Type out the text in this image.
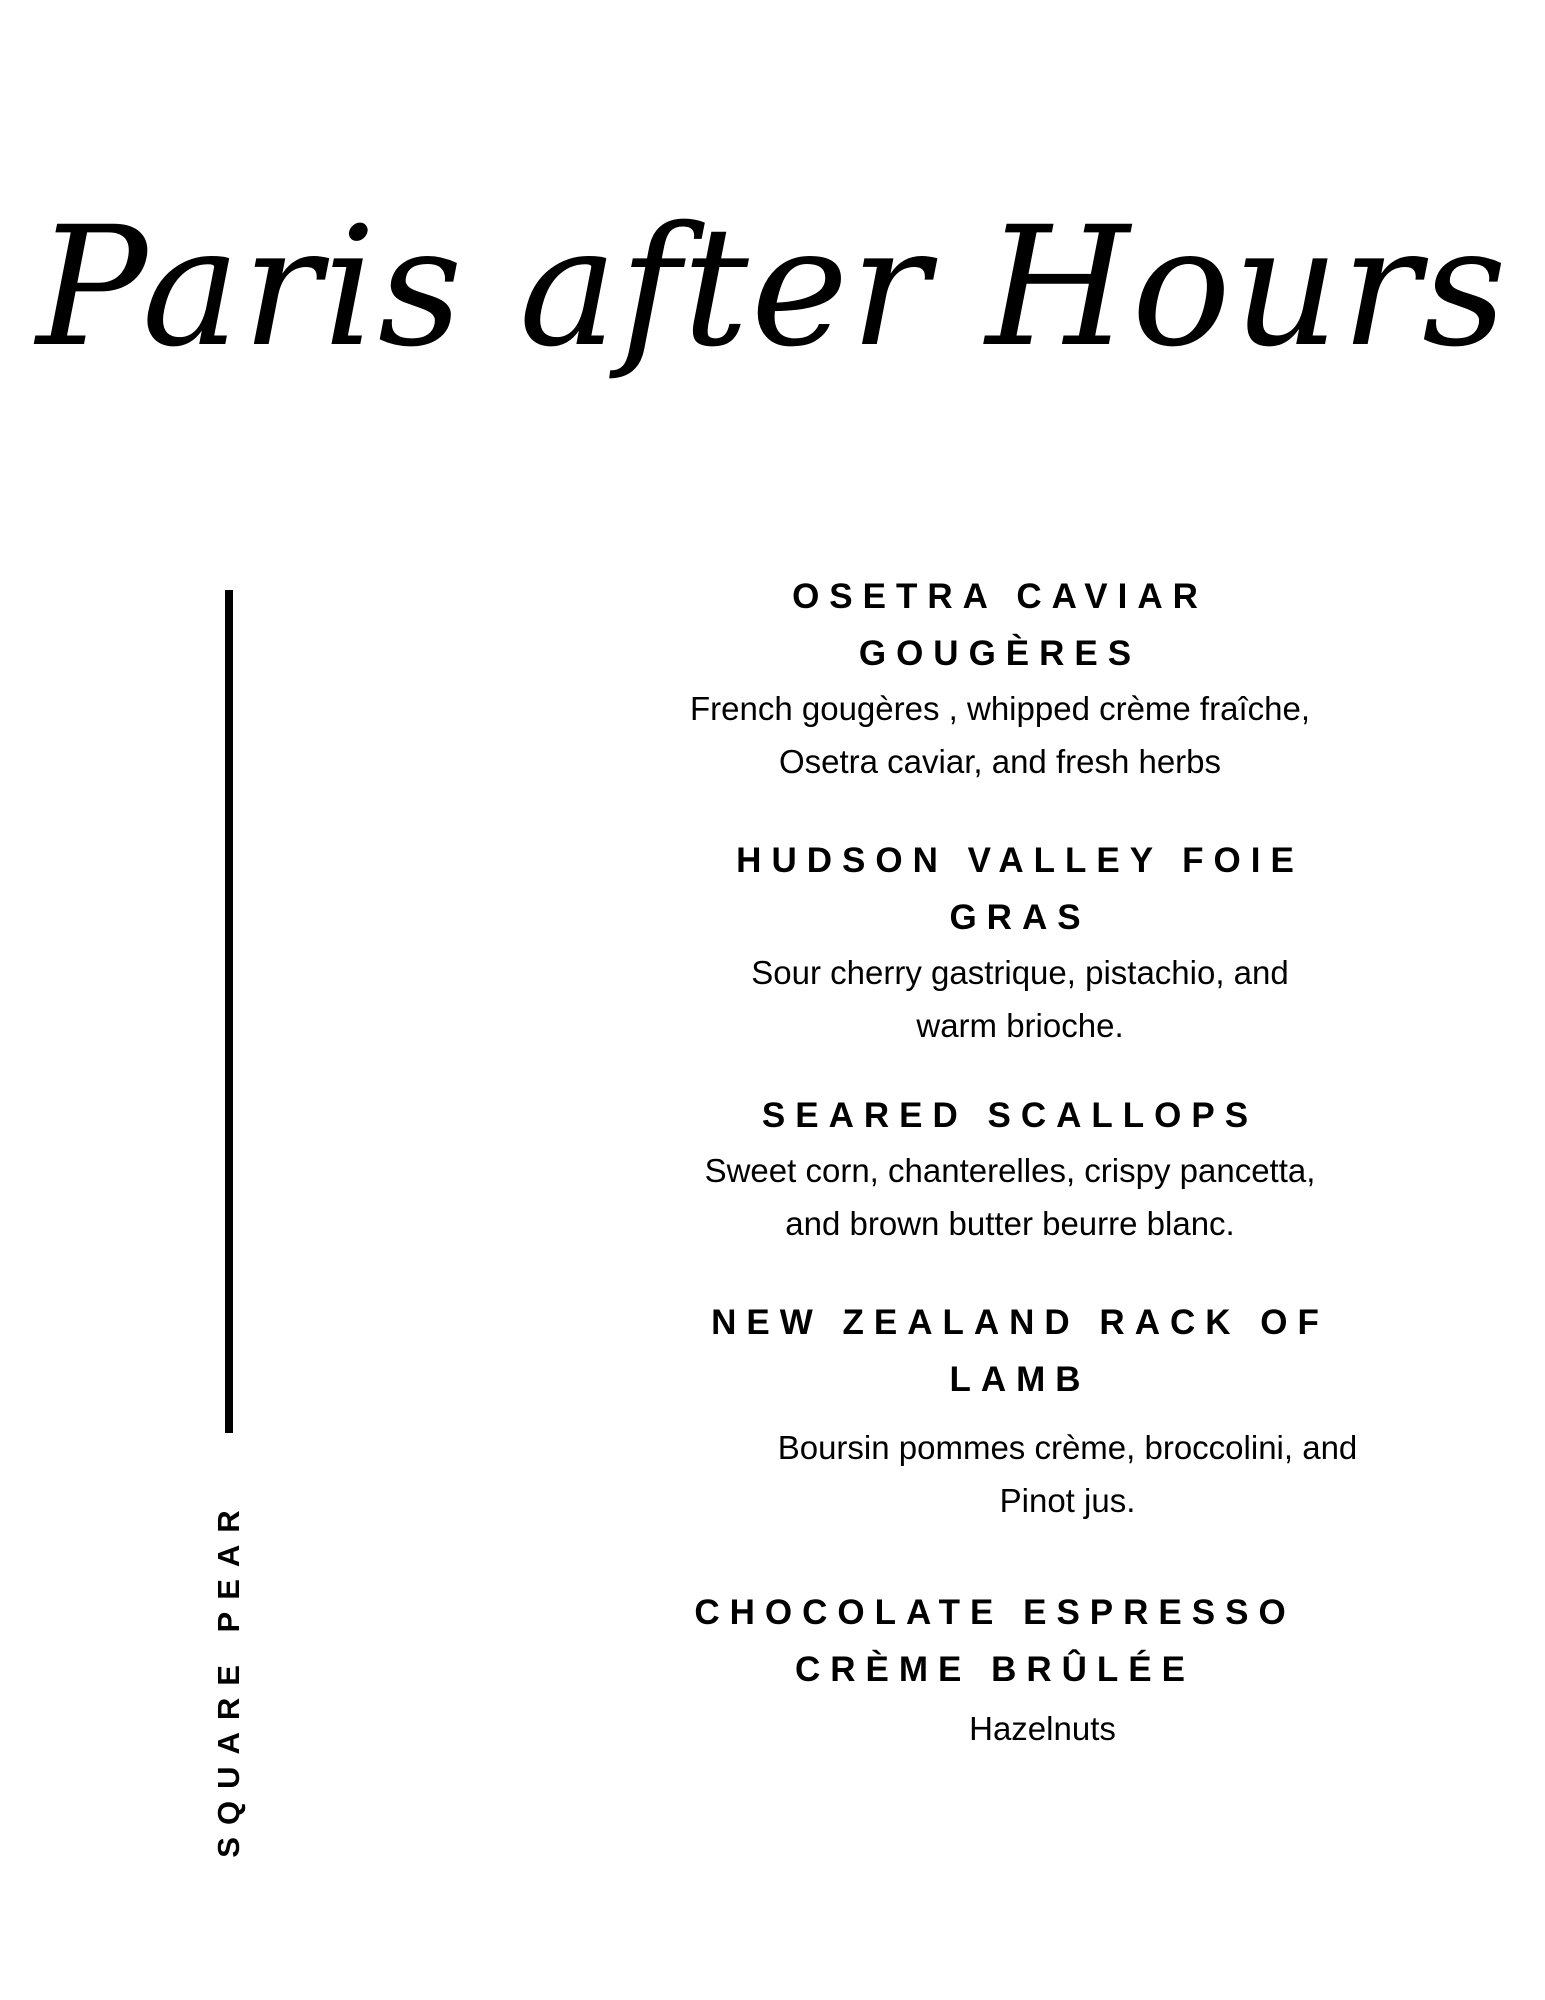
Paris after Hours
SQUARE PEAR
OSETRA CAVIAR
GOUGÈRES
French gougères , whipped crème fraîche,
Osetra caviar, and fresh herbs
HUDSON VALLEY FOIE
GRAS
Sour cherry gastrique, pistachio, and
warm brioche.
SEARED SCALLOPS
Sweet corn, chanterelles, crispy pancetta,
and brown butter beurre blanc.
NEW ZEALAND RACK OF
LAMB
Boursin pommes crème, broccolini, and
Pinot jus.
CHOCOLATE ESPRESSO
CRÈME BRÛLÉE
Hazelnuts
